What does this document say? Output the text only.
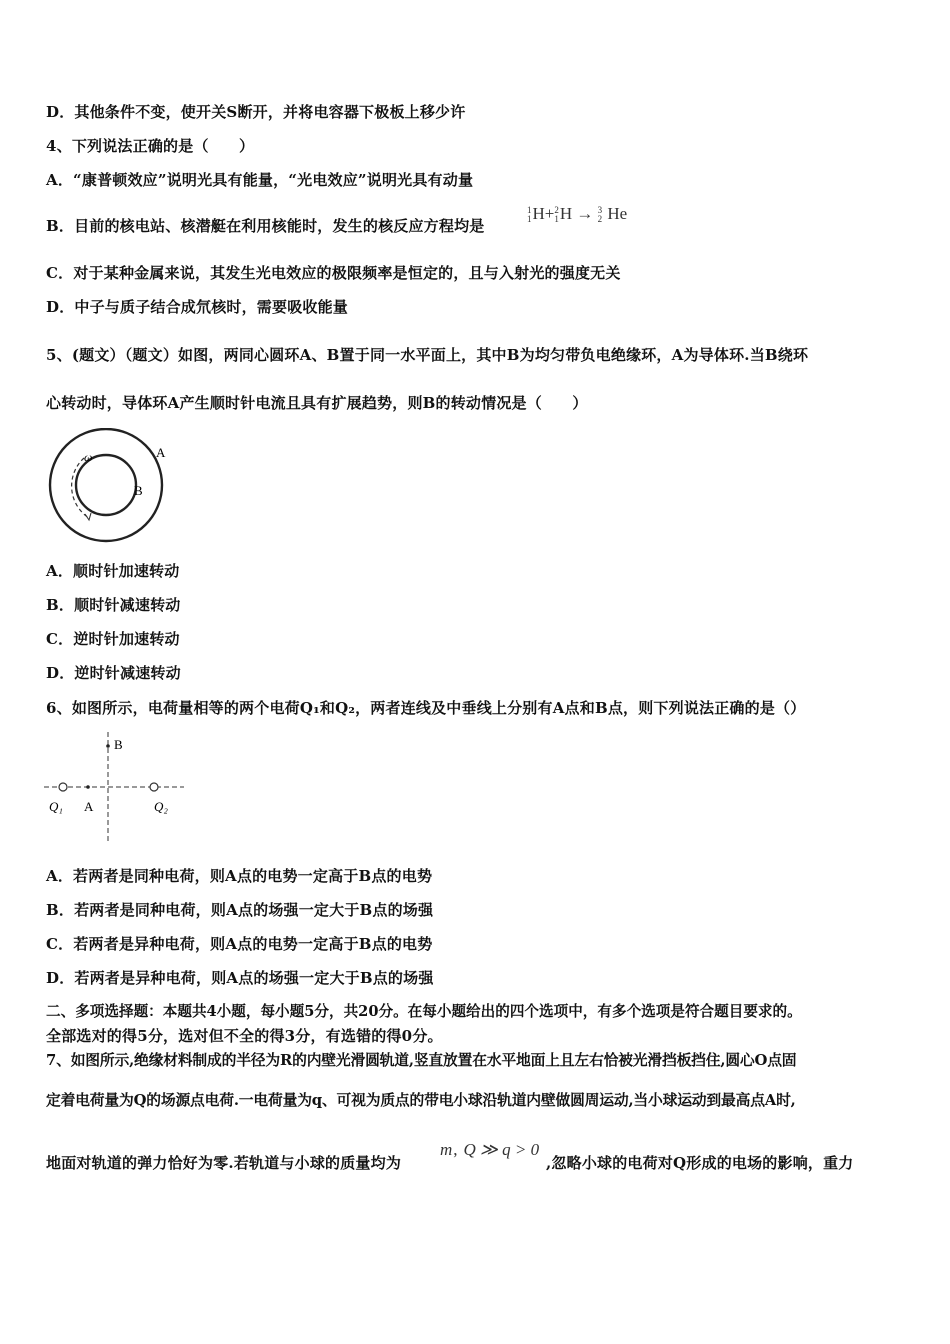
D．其他条件不变，使开关S断开，并将电容器下极板上移少许
4、下列说法正确的是（　　）
A．“康普顿效应”说明光具有能量，“光电效应”说明光具有动量
B．目前的核电站、核潜艇在利用核能时，发生的核反应方程均是
1
1H+2
1H → 3
2 He
C．对于某种金属来说，其发生光电效应的极限频率是恒定的，且与入射光的强度无关
D．中子与质子结合成氘核时，需要吸收能量
5、(题文）（题文）如图，两同心圆环A、B置于同一水平面上，其中B为均匀带负电绝缘环，A为导体环.当B绕环
心转动时，导体环A产生顺时针电流且具有扩展趋势，则B的转动情况是（　　）
ω	A
B
A．顺时针加速转动
B．顺时针减速转动
C．逆时针加速转动
D．逆时针减速转动
6、如图所示，电荷量相等的两个电荷Q₁和Q₂，两者连线及中垂线上分别有A点和B点，则下列说法正确的是（）
B
A
Q₁	Q₂
A．若两者是同种电荷，则A点的电势一定高于B点的电势
B．若两者是同种电荷，则A点的场强一定大于B点的场强
C．若两者是异种电荷，则A点的电势一定高于B点的电势
D．若两者是异种电荷，则A点的场强一定大于B点的场强
二、多项选择题：本题共4小题，每小题5分，共20分。在每小题给出的四个选项中，有多个选项是符合题目要求的。
全部选对的得5分，选对但不全的得3分，有选错的得0分。
7、如图所示,绝缘材料制成的半径为R的内壁光滑圆轨道,竖直放置在水平地面上且左右恰被光滑挡板挡住,圆心O点固
定着电荷量为Q的场源点电荷.一电荷量为q、可视为质点的带电小球沿轨道内壁做圆周运动,当小球运动到最高点A时,
地面对轨道的弹力恰好为零.若轨道与小球的质量均为
m, Q ≫ q > 0
,忽略小球的电荷对Q形成的电场的影响，重力
